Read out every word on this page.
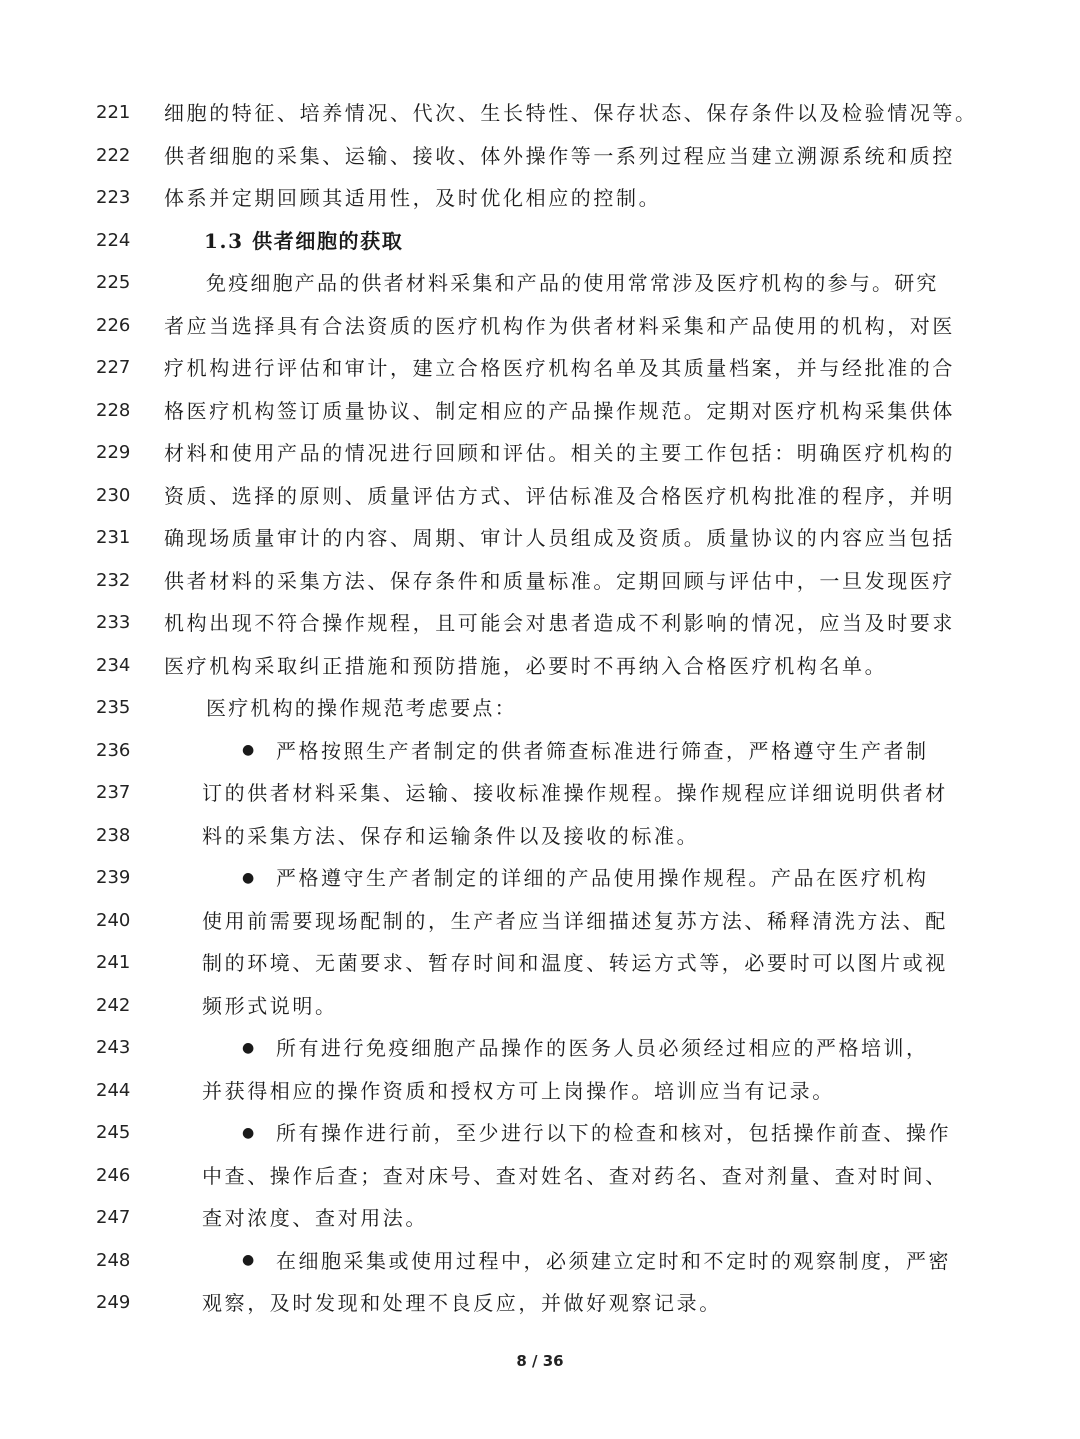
8 / 36
221 细胞的特征、培养情况、代次、生长特性、保存状态、保存条件以及检验情况等。
222 供者细胞的采集、运输、接收、体外操作等一系列过程应当建立溯源系统和质控
223 体系并定期回顾其适用性，及时优化相应的控制。
224	1.3 供者细胞的获取
225	免疫细胞产品的供者材料采集和产品的使用常常涉及医疗机构的参与。研究
226 者应当选择具有合法资质的医疗机构作为供者材料采集和产品使用的机构，对医
227 疗机构进行评估和审计，建立合格医疗机构名单及其质量档案，并与经批准的合
228 格医疗机构签订质量协议、制定相应的产品操作规范。定期对医疗机构采集供体
229 材料和使用产品的情况进行回顾和评估。相关的主要工作包括：明确医疗机构的
230 资质、选择的原则、质量评估方式、评估标准及合格医疗机构批准的程序，并明
231 确现场质量审计的内容、周期、审计人员组成及资质。质量协议的内容应当包括
232 供者材料的采集方法、保存条件和质量标准。定期回顾与评估中，一旦发现医疗
233 机构出现不符合操作规程，且可能会对患者造成不利影响的情况，应当及时要求
234 医疗机构采取纠正措施和预防措施，必要时不再纳入合格医疗机构名单。
235	医疗机构的操作规范考虑要点：
236	● 严格按照生产者制定的供者筛查标准进行筛查，严格遵守生产者制
237	订的供者材料采集、运输、接收标准操作规程。操作规程应详细说明供者材
238	料的采集方法、保存和运输条件以及接收的标准。
239	● 严格遵守生产者制定的详细的产品使用操作规程。产品在医疗机构
240	使用前需要现场配制的，生产者应当详细描述复苏方法、稀释清洗方法、配
241	制的环境、无菌要求、暂存时间和温度、转运方式等，必要时可以图片或视
242	频形式说明。
243	● 所有进行免疫细胞产品操作的医务人员必须经过相应的严格培训，
244	并获得相应的操作资质和授权方可上岗操作。培训应当有记录。
245	● 所有操作进行前，至少进行以下的检查和核对，包括操作前查、操作
246	中查、操作后查；查对床号、查对姓名、查对药名、查对剂量、查对时间、
247	查对浓度、查对用法。
248	● 在细胞采集或使用过程中，必须建立定时和不定时的观察制度，严密
249	观察，及时发现和处理不良反应，并做好观察记录。
